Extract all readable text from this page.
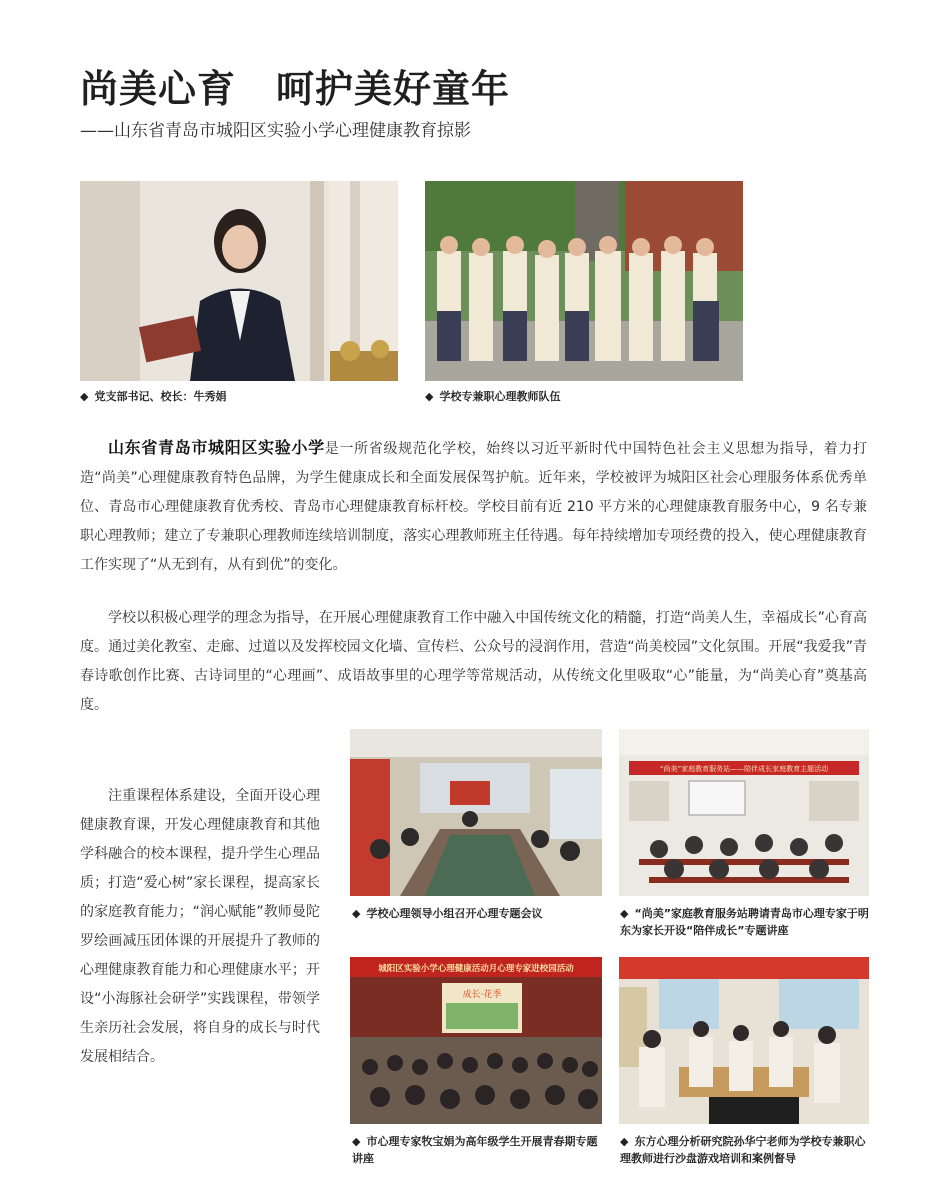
尚美心育 呵护美好童年

——山东省青岛市城阳区实验小学心理健康教育掠影

◆ 党支部书记、校长：牛秀娟	◆ 学校专兼职心理教师队伍

山东省青岛市城阳区实验小学是一所省级规范化学校，始终以习近平新时代中国特色社会主义思想为指导，着力打造“尚美”心理健康教育特色品牌，为学生健康成长和全面发展保驾护航。近年来，学校被评为城阳区社会心理服务体系优秀单位、青岛市心理健康教育优秀校、青岛市心理健康教育标杆校。学校目前有近 210 平方米的心理健康教育服务中心，9 名专兼职心理教师；建立了专兼职心理教师连续培训制度，落实心理教师班主任待遇。每年持续增加专项经费的投入，使心理健康教育工作实现了“从无到有，从有到优”的变化。

学校以积极心理学的理念为指导，在开展心理健康教育工作中融入中国传统文化的精髓，打造“尚美人生，幸福成长”心育高度。通过美化教室、走廊、过道以及发挥校园文化墙、宣传栏、公众号的浸润作用，营造“尚美校园”文化氛围。开展“我爱我”青春诗歌创作比赛、古诗词里的“心理画”、成语故事里的心理学等常规活动，从传统文化里吸取“心”能量，为“尚美心育”奠基高度。

注重课程体系建设，全面开设心理健康教育课，开发心理健康教育和其他学科融合的校本课程，提升学生心理品质；打造“爱心树”家长课程，提高家长的家庭教育能力；“润心赋能”教师曼陀罗绘画减压团体课的开展提升了教师的心理健康教育能力和心理健康水平；开设“小海豚社会研学”实践课程，带领学生亲历社会发展，将自身的成长与时代发展相结合。

◆ 学校心理领导小组召开心理专题会议
“尚美”家庭教育服务站——陪伴成长家庭教育主题活动
◆ “尚美”家庭教育服务站聘请青岛市心理专家于明东为家长开设“陪伴成长”专题讲座
城阳区实验小学心理健康活动月心理专家进校园活动
成长·花季
◆ 市心理专家牧宝娟为高年级学生开展青春期专题讲座
◆ 东方心理分析研究院孙华宁老师为学校专兼职心理教师进行沙盘游戏培训和案例督导
